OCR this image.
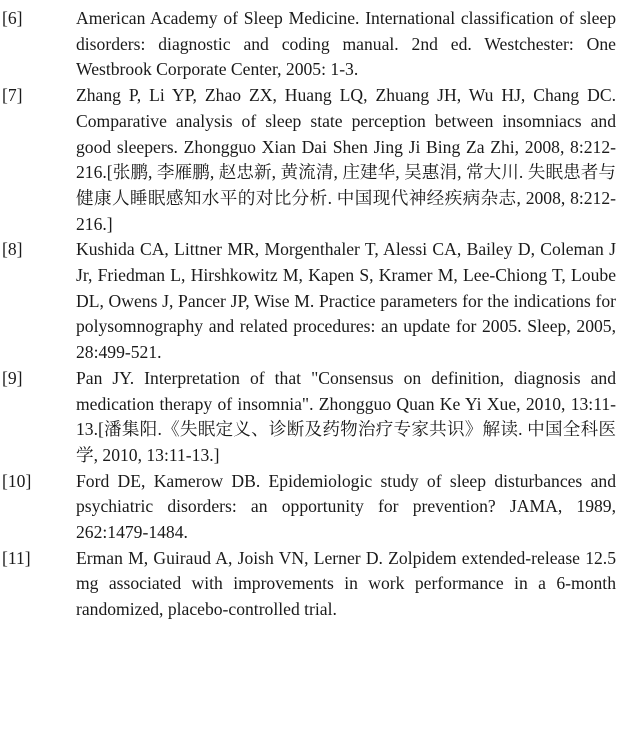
[6]	American Academy of Sleep Medicine. International classification of sleep disorders: diagnostic and coding manual. 2nd ed. Westchester: One Westbrook Corporate Center, 2005: 1-3.
[7]	Zhang P, Li YP, Zhao ZX, Huang LQ, Zhuang JH, Wu HJ, Chang DC. Comparative analysis of sleep state perception between insomniacs and good sleepers. Zhongguo Xian Dai Shen Jing Ji Bing Za Zhi, 2008, 8:212-216.[张鹏, 李雁鹏, 赵忠新, 黄流清, 庄建华, 吴惠涓, 常大川. 失眠患者与健康人睡眠感知水平的对比分析. 中国现代神经疾病杂志, 2008, 8:212-216.]
[8]	Kushida CA, Littner MR, Morgenthaler T, Alessi CA, Bailey D, Coleman J Jr, Friedman L, Hirshkowitz M, Kapen S, Kramer M, Lee-Chiong T, Loube DL, Owens J, Pancer JP, Wise M. Practice parameters for the indications for polysomnography and related procedures: an update for 2005. Sleep, 2005, 28:499-521.
[9]	Pan JY. Interpretation of that "Consensus on definition, diagnosis and medication therapy of insomnia". Zhongguo Quan Ke Yi Xue, 2010, 13:11-13.[潘集阳.《失眠定义、诊断及药物治疗专家共识》解读. 中国全科医学, 2010, 13:11-13.]
[10]	Ford DE, Kamerow DB. Epidemiologic study of sleep disturbances and psychiatric disorders: an opportunity for prevention? JAMA, 1989, 262:1479-1484.
[11]	Erman M, Guiraud A, Joish VN, Lerner D. Zolpidem extended-release 12.5 mg associated with improvements in work performance in a 6-month randomized, placebo-controlled trial.
